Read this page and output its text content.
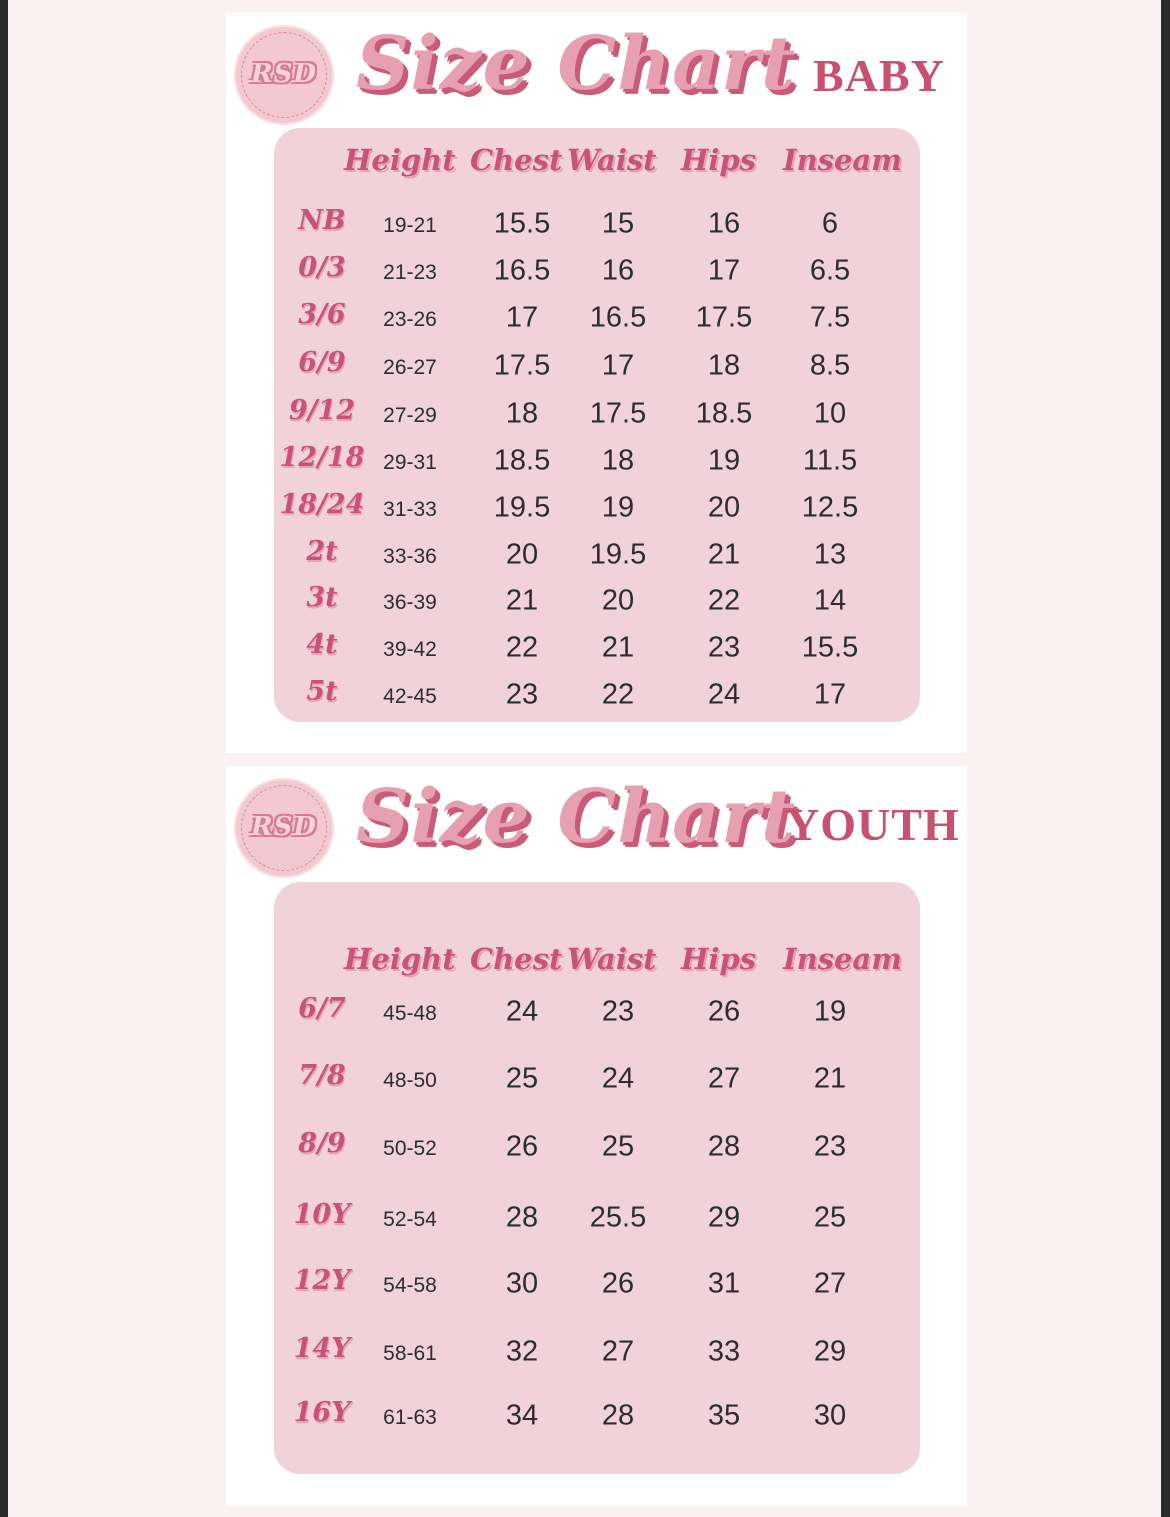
RSD Size Chart BABY
Height Chest Waist Hips Inseam
NB 19-21 15.5 15	16	6
0/3 21-23 16.5 16	17 6.5
3/6 23-26 17 16.5 17.5 7.5
6/9 26-27 17.5 17	18 8.5
9/12 27-29 18 17.5 18.5 10
12/18 29-31 18.5 18	19 11.5
18/24 31-33 19.5 19	20 12.5
2t 33-36 20 19.5 21	13
3t 36-39 21 20	22	14
4t 39-42 22 21	23 15.5
5t 42-45 23 22	24	17
RSD Size Chart
YOUTH
Height Chest Waist Hips Inseam
6/7 45-48 24 23	26	19
7/8 48-50 25 24	27	21
8/9 50-52 26 25	28	23
10Y 52-54 28 25.5 29	25
12Y 54-58 30 26	31	27
14Y 58-61 32 27	33	29
16Y 61-63 34 28	35	30
